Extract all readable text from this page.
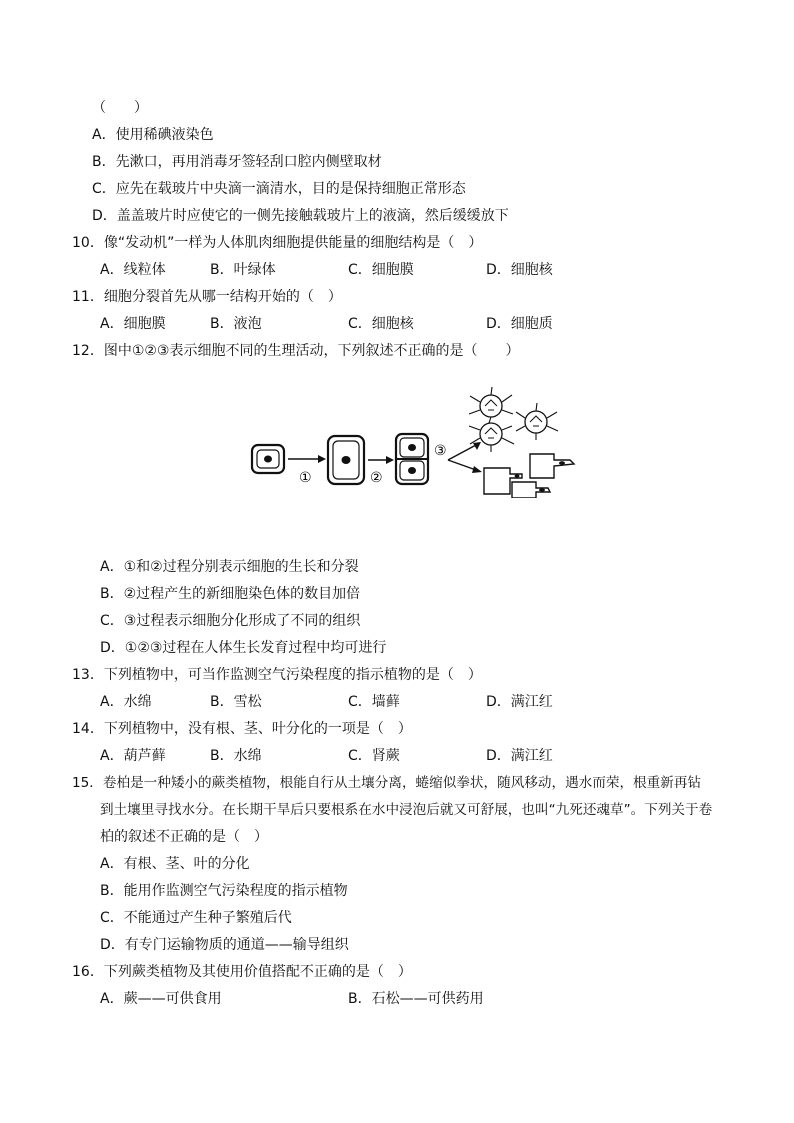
（　　）
A．使用稀碘液染色
B．先漱口，再用消毒牙签轻刮口腔内侧壁取材
C．应先在载玻片中央滴一滴清水，目的是保持细胞正常形态
D．盖盖玻片时应使它的一侧先接触载玻片上的液滴，然后缓缓放下
10．像“发动机”一样为人体肌肉细胞提供能量的细胞结构是（　）
A．线粒体	B．叶绿体	C．细胞膜	D．细胞核
11．细胞分裂首先从哪一结构开始的（　）
A．细胞膜	B．液泡	C．细胞核	D．细胞质
12．图中①②③表示细胞不同的生理活动，下列叙述不正确的是（　　）
①	②
③
A．①和②过程分别表示细胞的生长和分裂
B．②过程产生的新细胞染色体的数目加倍
C．③过程表示细胞分化形成了不同的组织
D．①②③过程在人体生长发育过程中均可进行
13．下列植物中，可当作监测空气污染程度的指示植物的是（　）
A．水绵	B．雪松	C．墙藓	D．满江红
14．下列植物中，没有根、茎、叶分化的一项是（　）
A．葫芦藓	B．水绵	C．肾蕨	D．满江红
15．卷柏是一种矮小的蕨类植物，根能自行从土壤分离，蜷缩似拳状，随风移动，遇水而荣，根重新再钻
到土壤里寻找水分。在长期干旱后只要根系在水中浸泡后就又可舒展，也叫“九死还魂草”。下列关于卷
柏的叙述不正确的是（　）
A．有根、茎、叶的分化
B．能用作监测空气污染程度的指示植物
C．不能通过产生种子繁殖后代
D．有专门运输物质的通道——输导组织
16．下列蕨类植物及其使用价值搭配不正确的是（　）
A．蕨——可供食用	B．石松——可供药用
